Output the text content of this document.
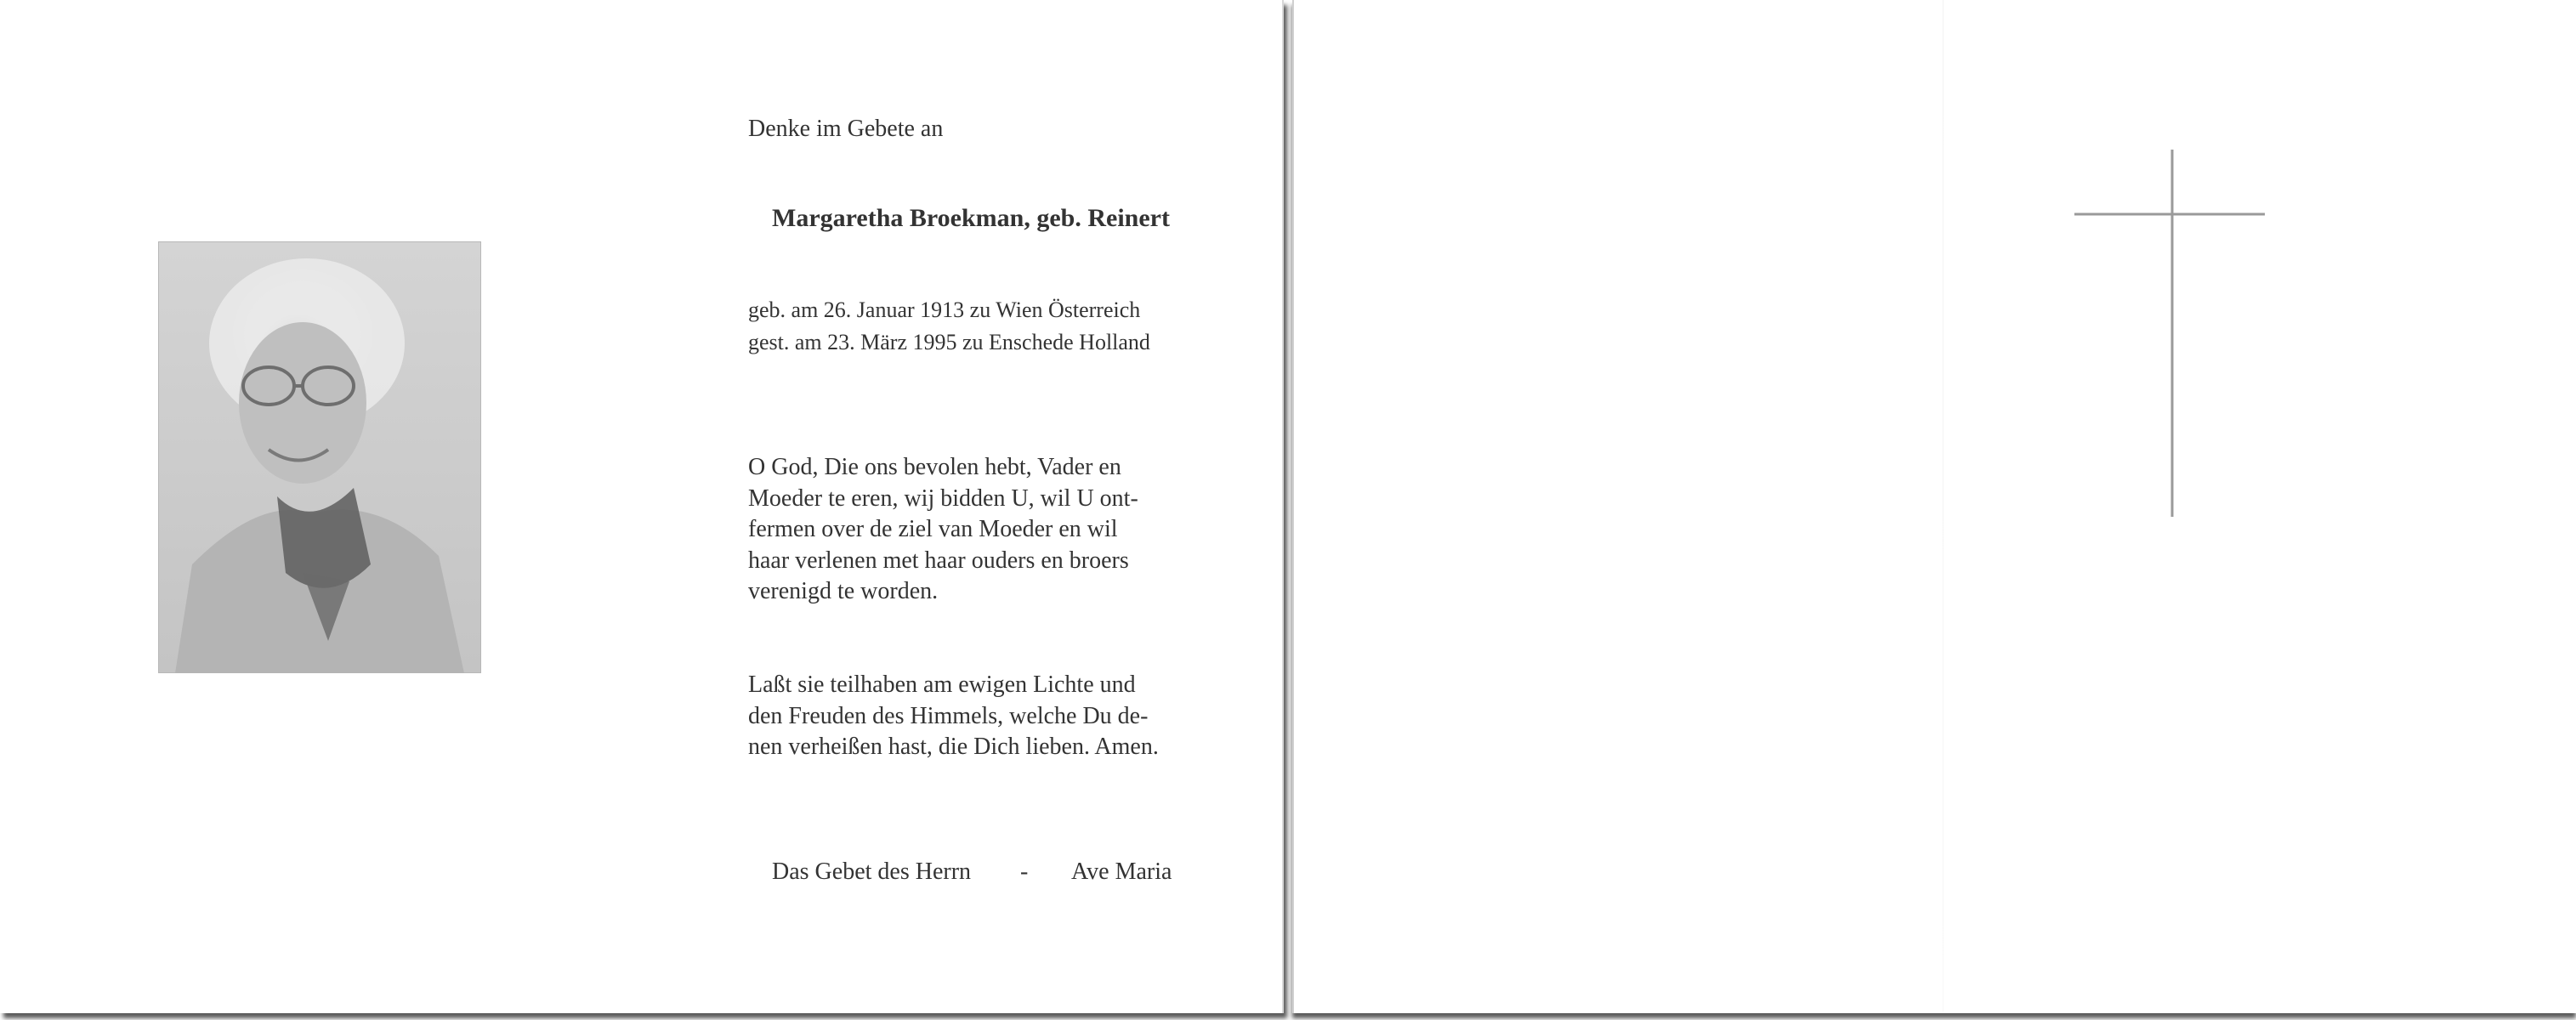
Denke im Gebete an
Margaretha Broekman, geb. Reinert
geb. am 26. Januar 1913 zu Wien Österreich
gest. am 23. März 1995 zu Enschede Holland
O God, Die ons bevolen hebt, Vader en
Moeder te eren, wij bidden U, wil U ont-
fermen over de ziel van Moeder en wil
haar verlenen met haar ouders en broers
verenigd te worden.
Laßt sie teilhaben am ewigen Lichte und
den Freuden des Himmels, welche Du de-
nen verheißen hast, die Dich lieben. Amen.
Das Gebet des Herrn - Ave Maria
